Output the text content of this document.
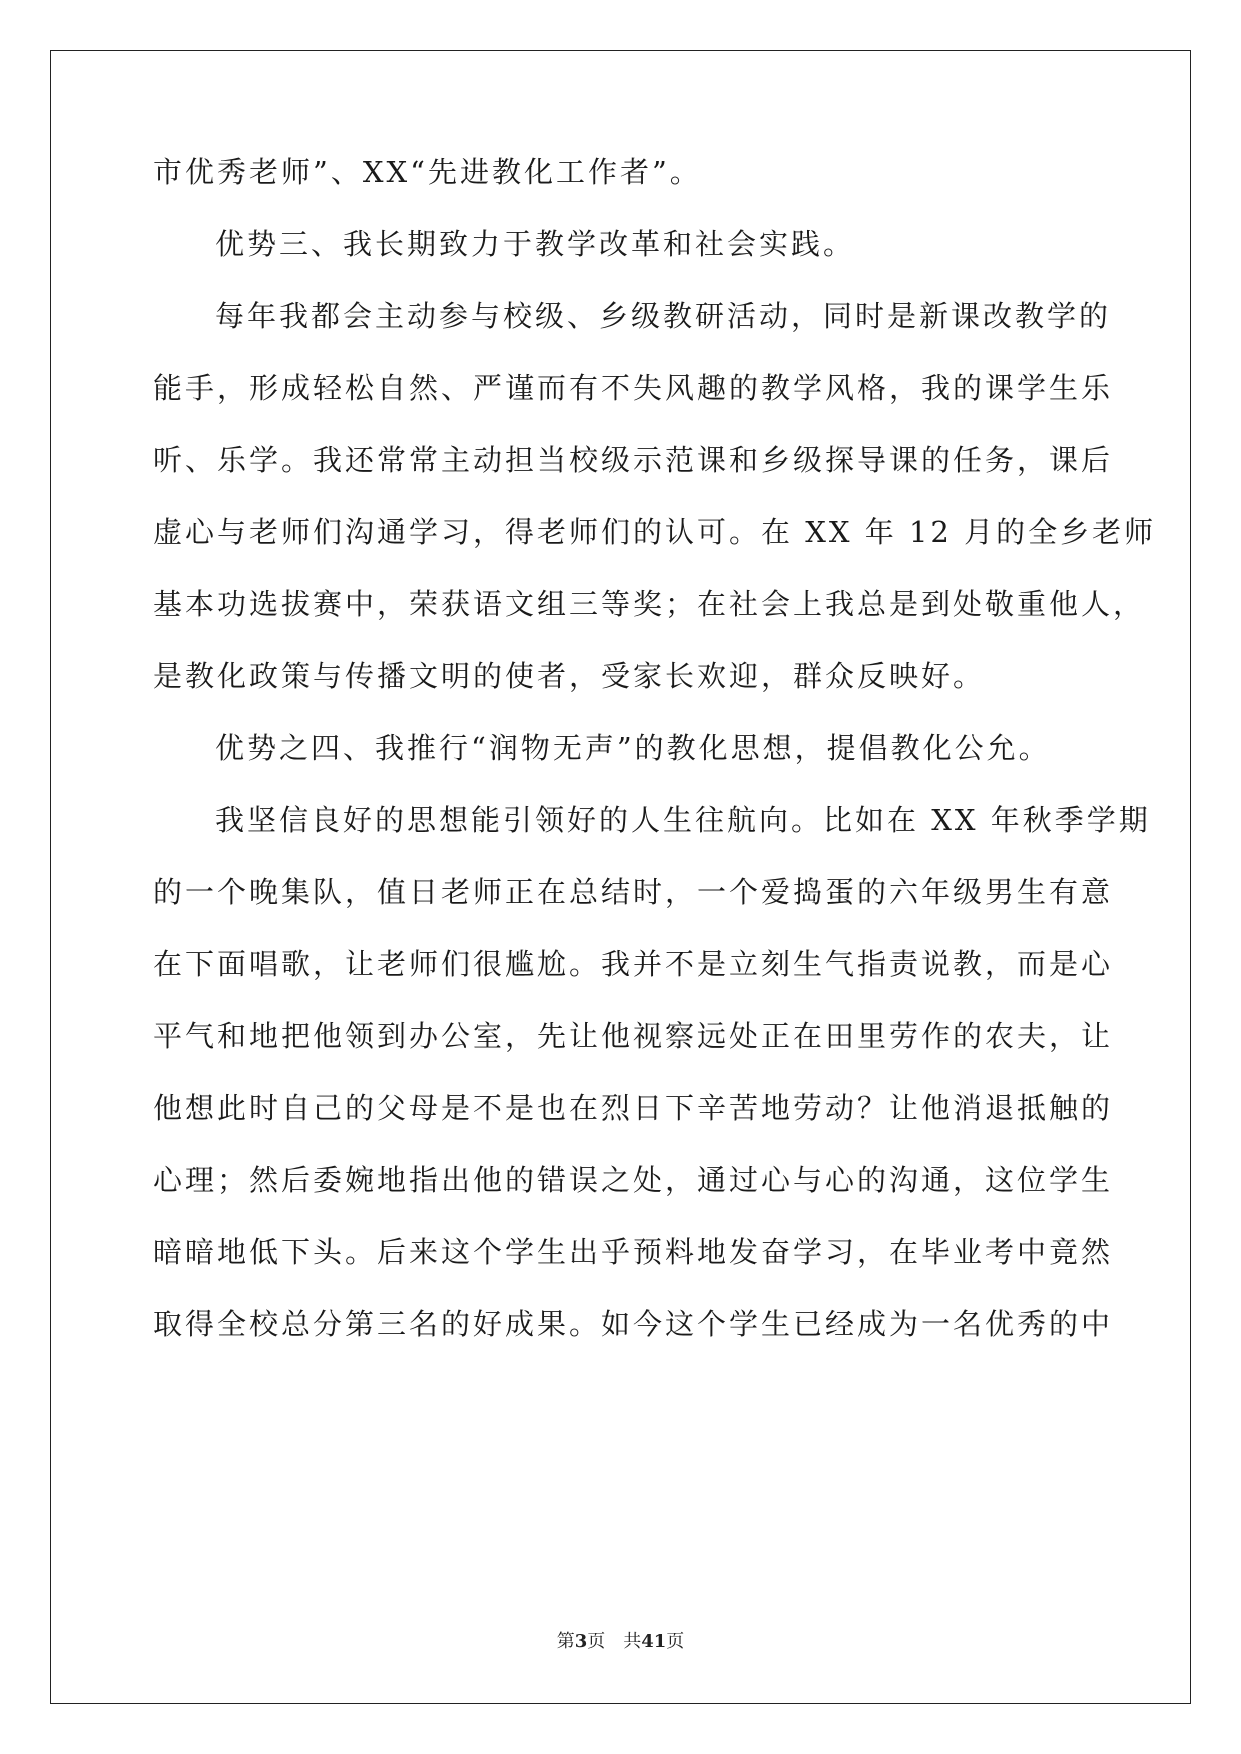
市优秀老师”、XX“先进教化工作者”。
优势三、我长期致力于教学改革和社会实践。
每年我都会主动参与校级、乡级教研活动，同时是新课改教学的
能手，形成轻松自然、严谨而有不失风趣的教学风格，我的课学生乐
听、乐学。我还常常主动担当校级示范课和乡级探导课的任务，课后
虚心与老师们沟通学习，得老师们的认可。在 XX 年 12 月的全乡老师
基本功选拔赛中，荣获语文组三等奖；在社会上我总是到处敬重他人，
是教化政策与传播文明的使者，受家长欢迎，群众反映好。
优势之四、我推行“润物无声”的教化思想，提倡教化公允。
我坚信良好的思想能引领好的人生往航向。比如在 XX 年秋季学期
的一个晚集队，值日老师正在总结时，一个爱捣蛋的六年级男生有意
在下面唱歌，让老师们很尴尬。我并不是立刻生气指责说教，而是心
平气和地把他领到办公室，先让他视察远处正在田里劳作的农夫，让
他想此时自己的父母是不是也在烈日下辛苦地劳动？让他消退抵触的
心理；然后委婉地指出他的错误之处，通过心与心的沟通，这位学生
暗暗地低下头。后来这个学生出乎预料地发奋学习，在毕业考中竟然
取得全校总分第三名的好成果。如今这个学生已经成为一名优秀的中
第3页 共41页
